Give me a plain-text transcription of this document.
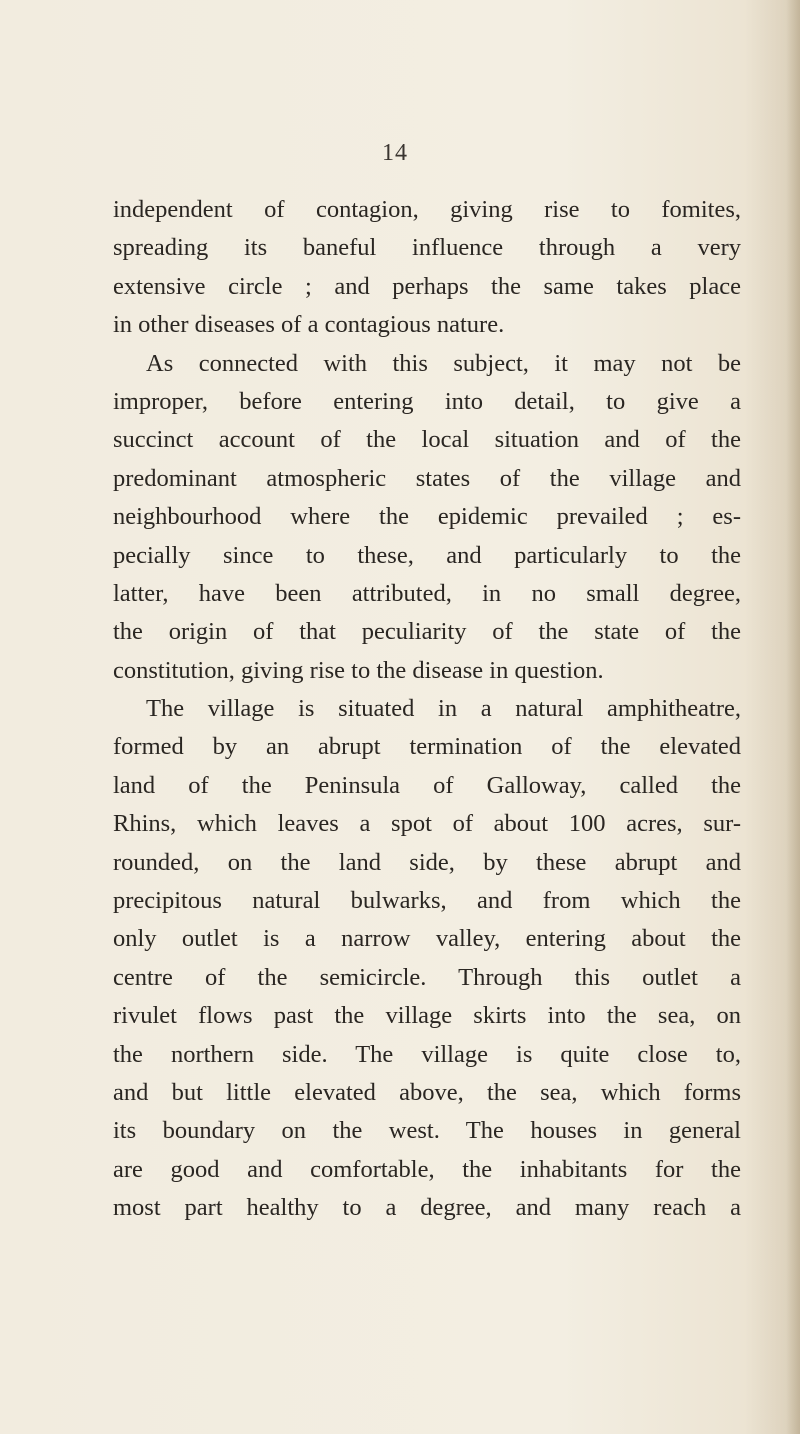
14
independent of contagion, giving rise to fomites,
spreading its baneful influence through a very
extensive circle ; and perhaps the same takes place
in other diseases of a contagious nature.
As connected with this subject, it may not be
improper, before entering into detail, to give a
succinct account of the local situation and of the
predominant atmospheric states of the village and
neighbourhood where the epidemic prevailed ; es-
pecially since to these, and particularly to the
latter, have been attributed, in no small degree,
the origin of that peculiarity of the state of the
constitution, giving rise to the disease in question.
The village is situated in a natural amphitheatre,
formed by an abrupt termination of the elevated
land of the Peninsula of Galloway, called the
Rhins, which leaves a spot of about 100 acres, sur-
rounded, on the land side, by these abrupt and
precipitous natural bulwarks, and from which the
only outlet is a narrow valley, entering about the
centre of the semicircle. Through this outlet a
rivulet flows past the village skirts into the sea, on
the northern side. The village is quite close to,
and but little elevated above, the sea, which forms
its boundary on the west. The houses in general
are good and comfortable, the inhabitants for the
most part healthy to a degree, and many reach a
